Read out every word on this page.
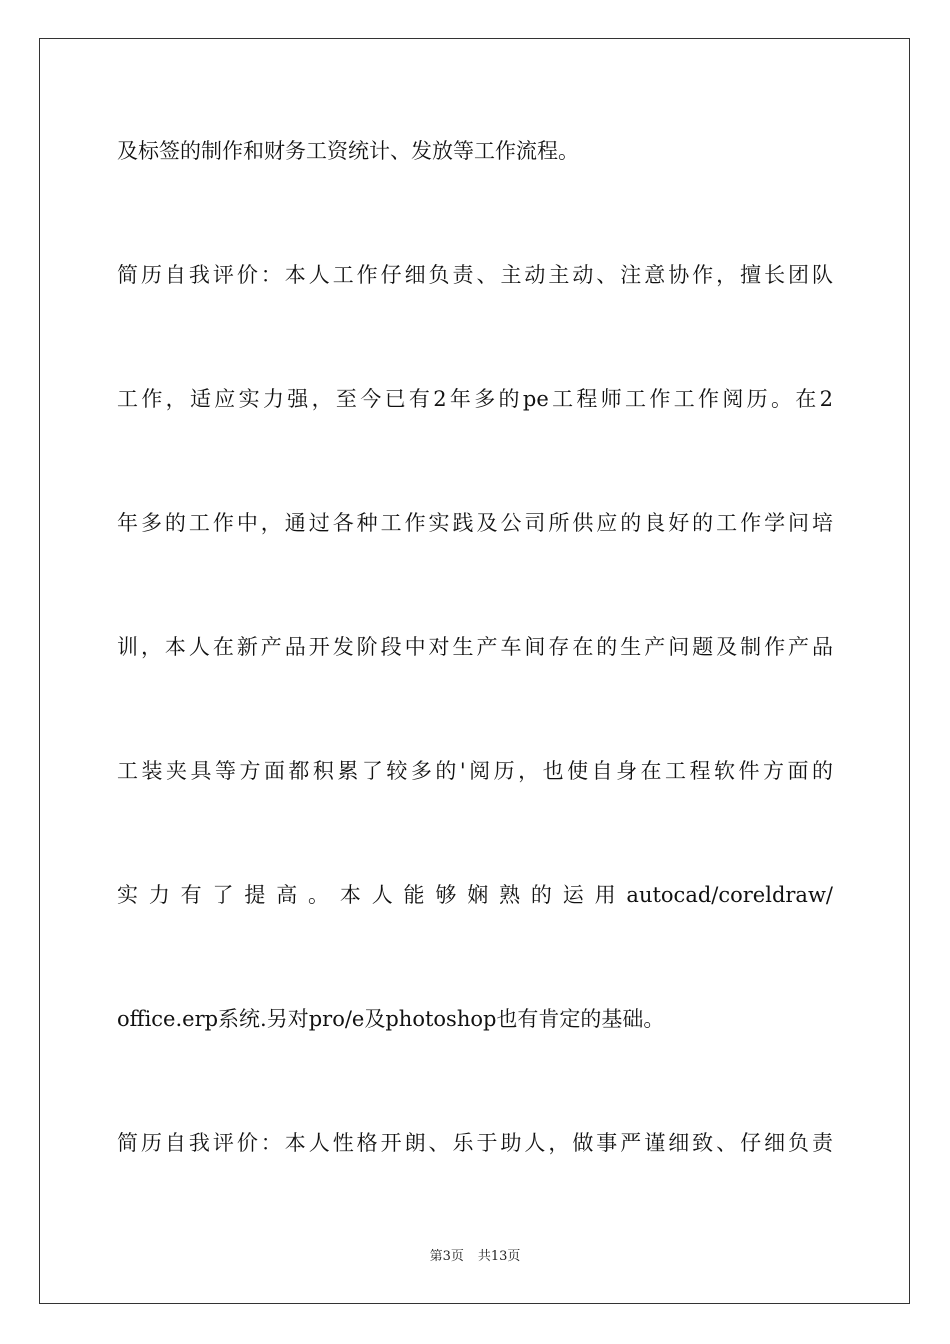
及标签的制作和财务工资统计、发放等工作流程。
简历自我评价：本人工作仔细负责、主动主动、注意协作，擅长团队
工作，适应实力强，至今已有2年多的pe工程师工作工作阅历。在2
年多的工作中，通过各种工作实践及公司所供应的良好的工作学问培
训，本人在新产品开发阶段中对生产车间存在的生产问题及制作产品
工装夹具等方面都积累了较多的'阅历，也使自身在工程软件方面的
实 力 有 了 提 高 。 本 人 能 够 娴 熟 的 运 用 autocad/coreldraw/
office.erp系统.另对pro/e及photoshop也有肯定的基础。
简历自我评价：本人性格开朗、乐于助人，做事严谨细致、仔细负责
第3页 共13页
